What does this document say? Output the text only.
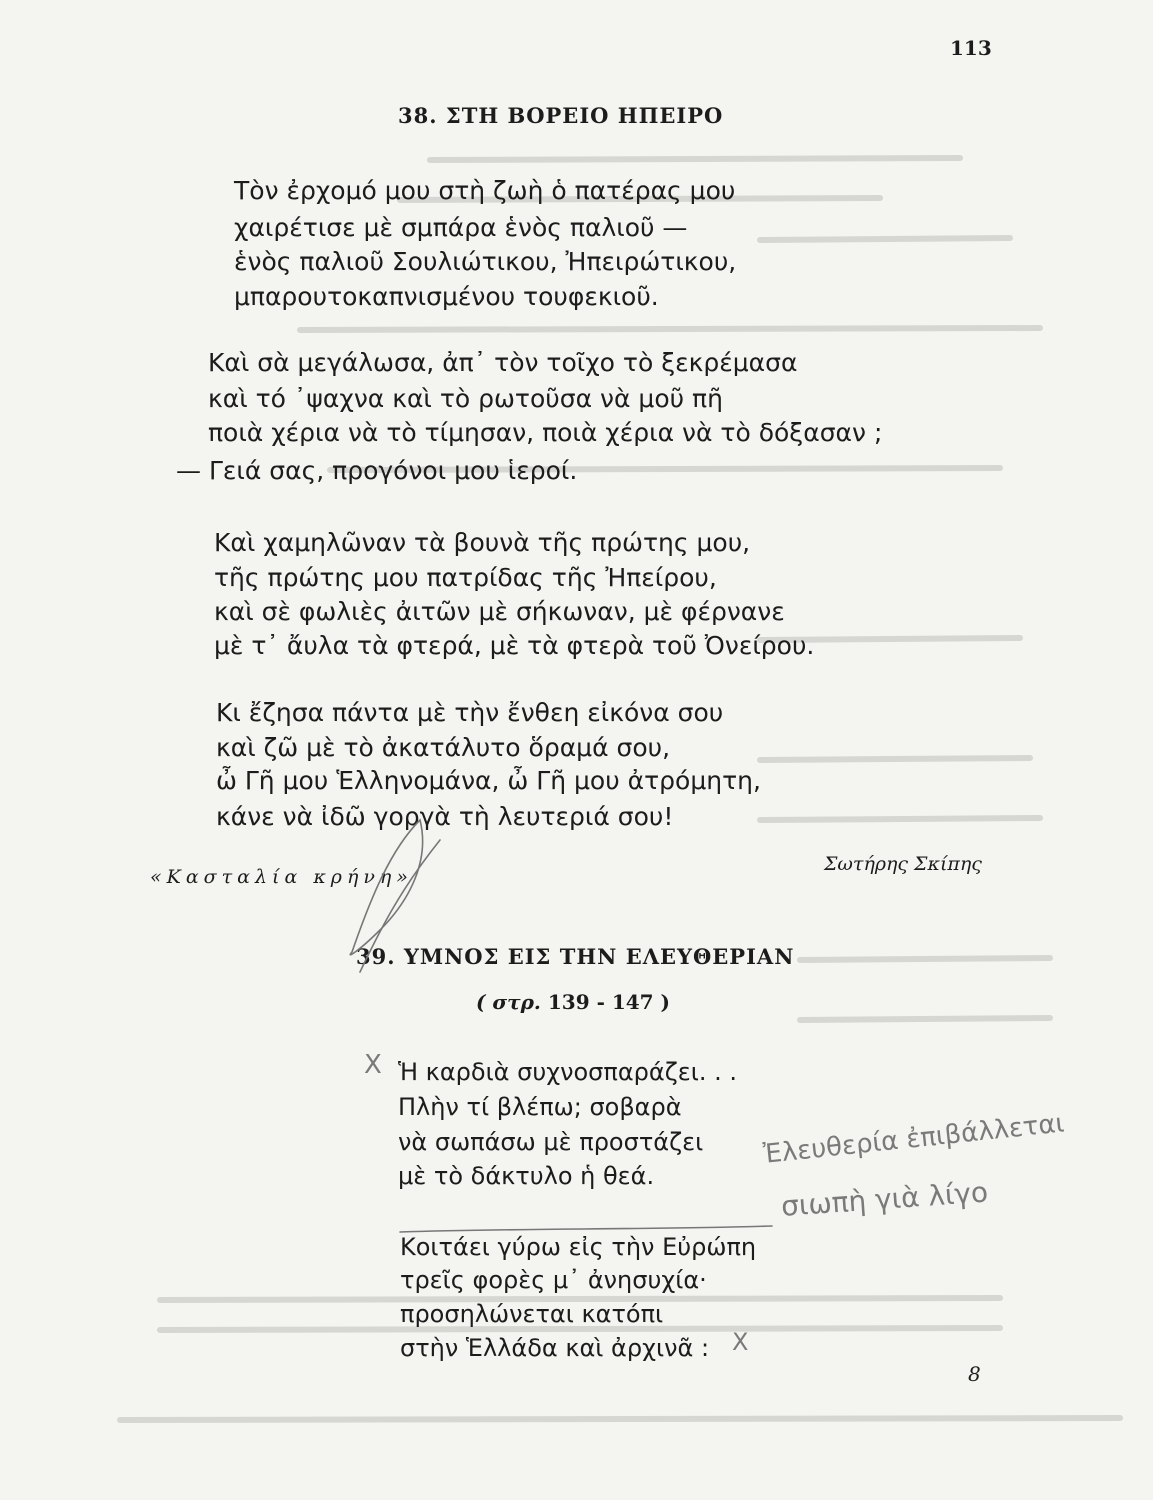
113
38. ΣΤΗ ΒΟΡΕΙΟ ΗΠΕΙΡΟ
Τὸν ἐρχομό μου στὴ ζωὴ ὁ πατέρας μου
χαιρέτισε μὲ σμπάρα ἑνὸς παλιοῦ —
ἑνὸς παλιοῦ Σουλιώτικου, Ἠπειρώτικου,
μπαρουτοκαπνισμένου τουφεκιοῦ.
Καὶ σὰ μεγάλωσα, ἀπ᾿ τὸν τοῖχο τὸ ξεκρέμασα
καὶ τό ᾿ψαχνα καὶ τὸ ρωτοῦσα νὰ μοῦ πῆ
ποιὰ χέρια νὰ τὸ τίμησαν, ποιὰ χέρια νὰ τὸ δόξασαν ;
— Γειά σας, προγόνοι μου ἱεροί.
Καὶ χαμηλῶναν τὰ βουνὰ τῆς πρώτης μου,
τῆς πρώτης μου πατρίδας τῆς Ἠπείρου,
καὶ σὲ φωλιὲς ἀιτῶν μὲ σήκωναν, μὲ φέρνανε
μὲ τ᾿ ἄυλα τὰ φτερά, μὲ τὰ φτερὰ τοῦ Ὀνείρου.
Κι ἔζησα πάντα μὲ τὴν ἔνθεη εἰκόνα σου
καὶ ζῶ μὲ τὸ ἀκατάλυτο ὅραμά σου,
ὦ Γῆ μου Ἑλληνομάνα, ὦ Γῆ μου ἀτρόμητη,
κάνε νὰ ἰδῶ γοργὰ τὴ λευτεριά σου!
«Κασταλία κρήνη»
Σωτήρης Σκίπης
39. ΥΜΝΟΣ ΕΙΣ ΤΗΝ ΕΛΕΥΘΕΡΙΑΝ
( στρ. 139 - 147 )
Ἡ καρδιὰ συχνοσπαράζει. . .
Πλὴν τί βλέπω; σοβαρὰ
νὰ σωπάσω μὲ προστάζει
μὲ τὸ δάκτυλο ἡ θεά.
Κοιτάει γύρω εἰς τὴν Εὐρώπη
τρεῖς φορὲς μ᾿ ἀνησυχία·
προσηλώνεται κατόπι
στὴν Ἑλλάδα καὶ ἀρχινᾶ :
X
X
Ἐλευθερία ἐπιβάλλεται
σιωπὴ γιὰ λίγο
8
